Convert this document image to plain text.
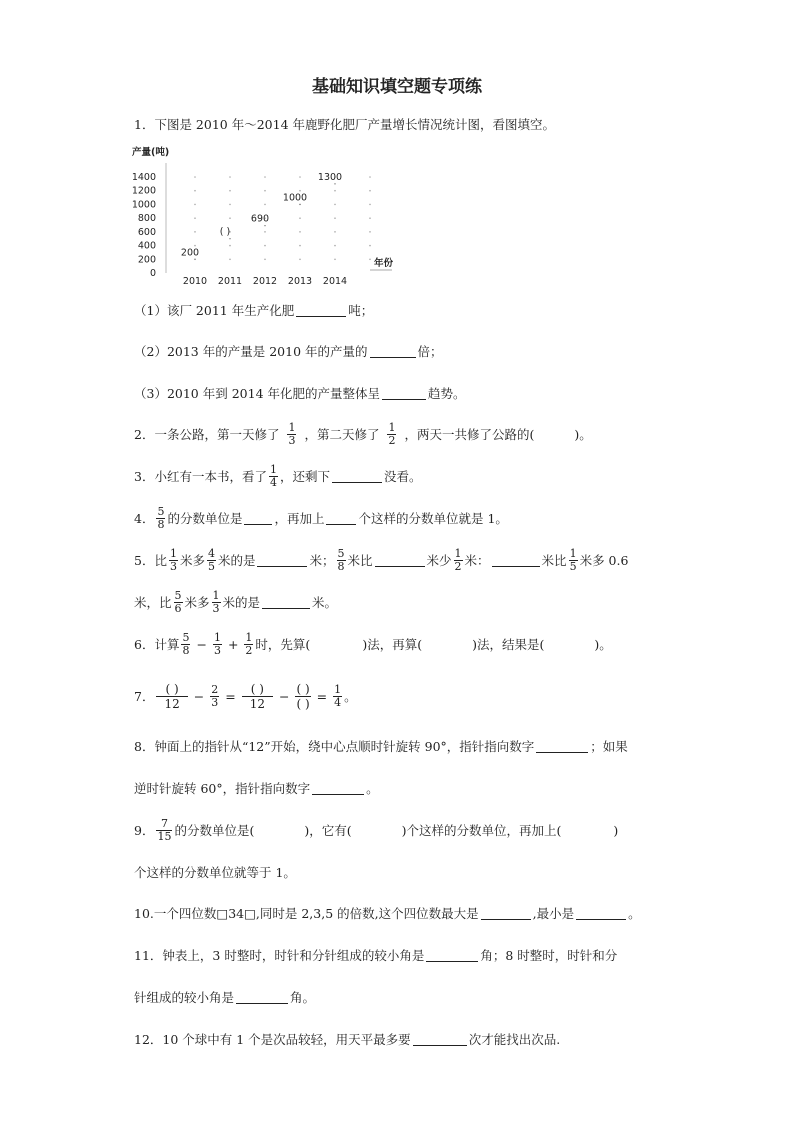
基础知识填空题专项练
1．下图是 2010 年～2014 年鹿野化肥厂产量增长情况统计图，看图填空。
产量(吨)
1400
1200
1000
800
600
400
200
0
2010 2011 2012 2013 2014
200
( )
690
1000
1300
年份
（1）该厂 2011 年生产化肥	吨；
（2）2013 年的产量是 2010 年的产量的	倍；
（3）2010 年到 2014 年化肥的产量整体呈	趋势。
2．一条公路，第一天修了 $\frac{1}{3}$ ，第二天修了 $\frac{1}{2}$ ，两天一共修了公路的(	)。
3．小红有一本书，看了 $\frac{1}{4}$ ，还剩下	没看。
4． $\frac{5}{8}$ 的分数单位是	，再加上	个这样的分数单位就是 1。
5．比 $\frac{1}{3}$ 米多 $\frac{4}{5}$ 米的是	米； $\frac{5}{8}$ 米比	米少 $\frac{1}{2}$ 米：	米比 $\frac{1}{5}$ 米多 0.6
米，比 $\frac{5}{6}$ 米多 $\frac{1}{3}$ 米的是	米。
6．计算 $\frac{5}{8} - \frac{1}{3} + \frac{1}{2}$ 时，先算(	)法，再算(	)法，结果是(	)。
7． $\frac{( )}{12} - \frac{2}{3} = \frac{( )}{12} - \frac{( )}{( )} = \frac{1}{4}$ 。
8．钟面上的指针从“12”开始，绕中心点顺时针旋转 90°，指针指向数字	；如果
逆时针旋转 60°，指针指向数字	。
9． $\frac{7}{15}$ 的分数单位是(	)，它有(	)个这样的分数单位，再加上(	)
个这样的分数单位就等于 1。
10.一个四位数□34□,同时是 2,3,5 的倍数,这个四位数最大是	,最小是	。
11．钟表上，3 时整时，时针和分针组成的较小角是	角；8 时整时，时针和分
针组成的较小角是	角。
12．10 个球中有 1 个是次品较轻，用天平最多要	次才能找出次品.
